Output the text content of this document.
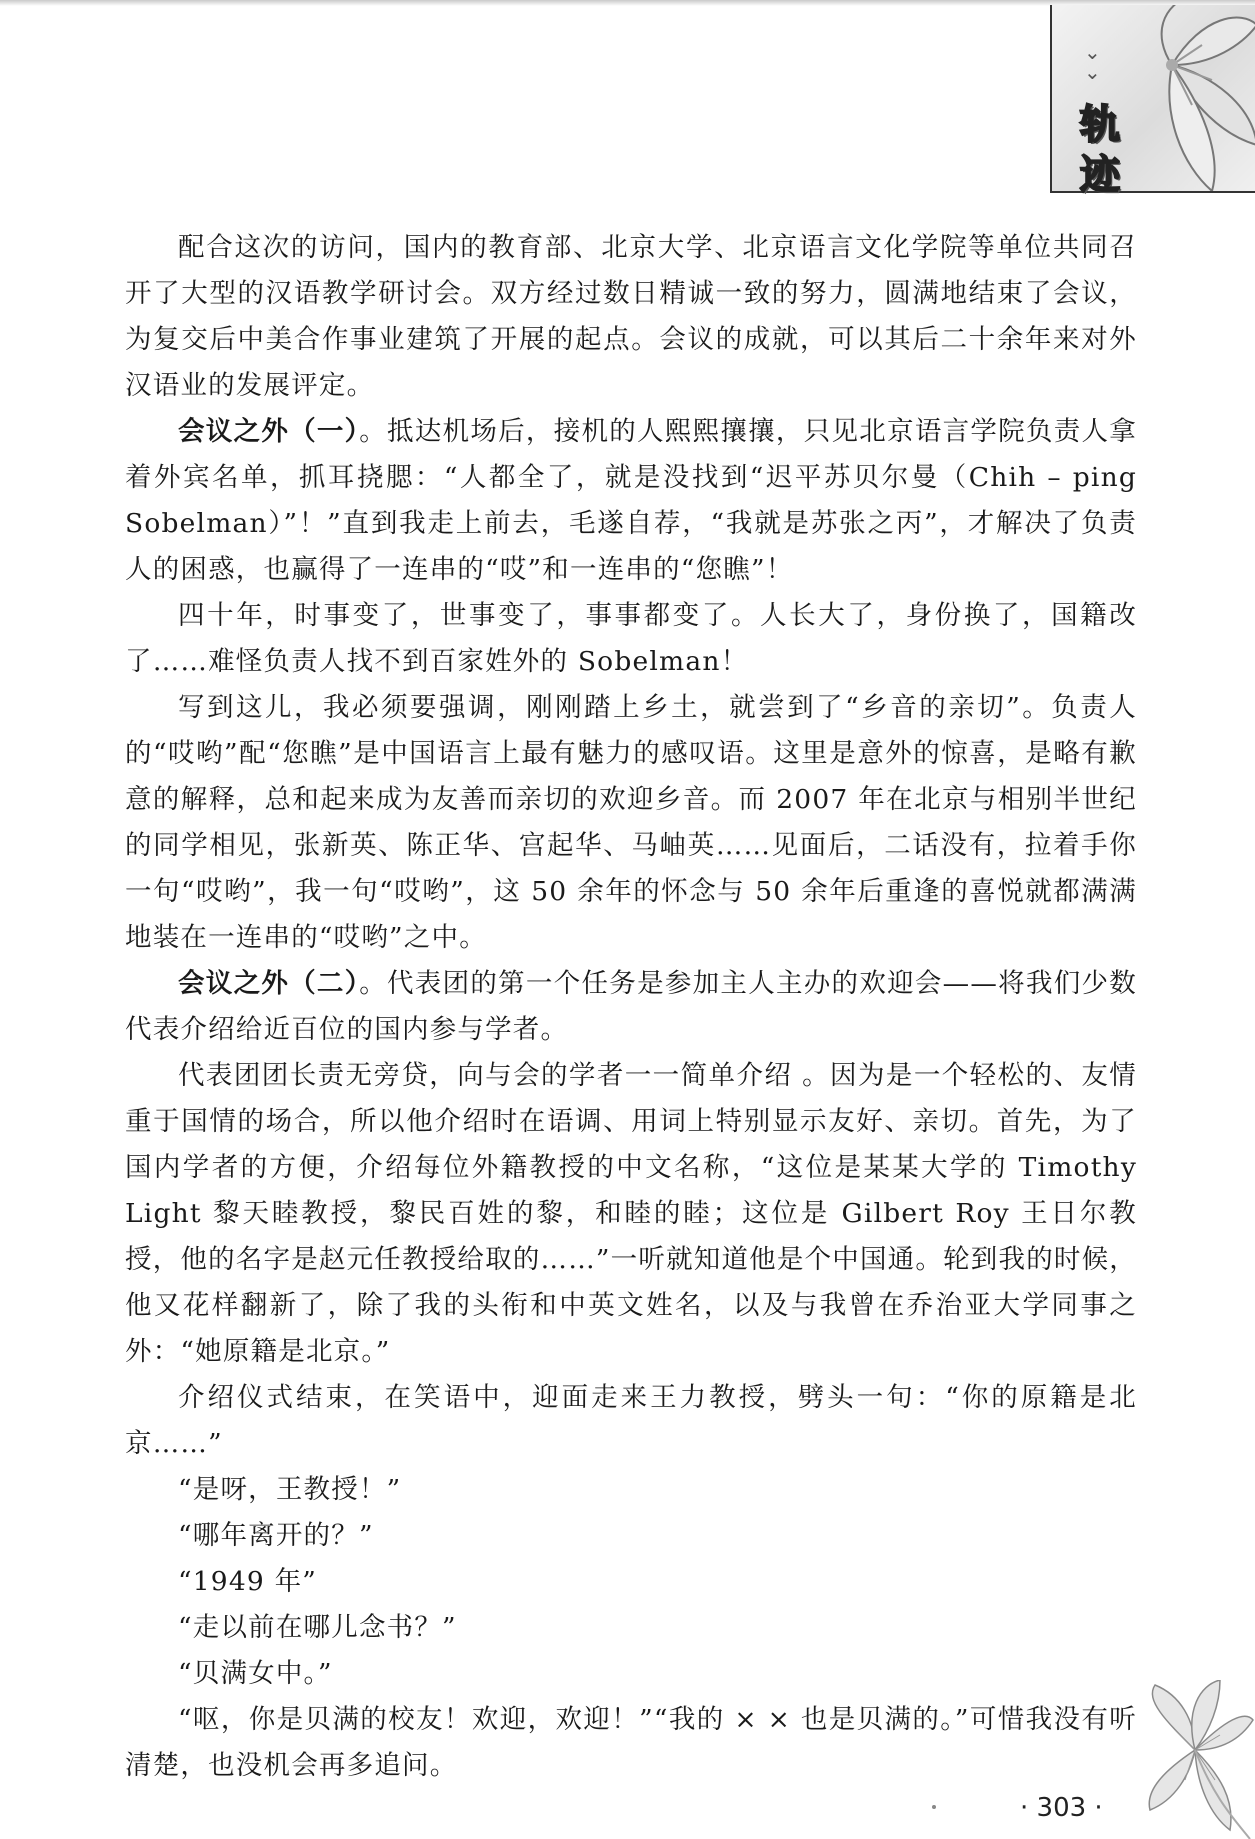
⌄
⌄
轨
迹

配合这次的访问，国内的教育部、北京大学、北京语言文化学院等单位共同召开了大型的汉语教学研讨会。双方经过数日精诚一致的努力，圆满地结束了会议，为复交后中美合作事业建筑了开展的起点。会议的成就，可以其后二十余年来对外汉语业的发展评定。

会议之外（一）。抵达机场后，接机的人熙熙攘攘，只见北京语言学院负责人拿着外宾名单，抓耳挠腮：“人都全了，就是没找到“迟平苏贝尔曼（Chih – ping Sobelman）”！”直到我走上前去，毛遂自荐，“我就是苏张之丙”，才解决了负责人的困惑，也赢得了一连串的“哎”和一连串的“您瞧”！

四十年，时事变了，世事变了，事事都变了。人长大了，身份换了，国籍改了……难怪负责人找不到百家姓外的 Sobelman！

写到这儿，我必须要强调，刚刚踏上乡土，就尝到了“乡音的亲切”。负责人的“哎哟”配“您瞧”是中国语言上最有魅力的感叹语。这里是意外的惊喜，是略有歉意的解释，总和起来成为友善而亲切的欢迎乡音。而 2007 年在北京与相别半世纪的同学相见，张新英、陈正华、宫起华、马岫英……见面后，二话没有，拉着手你一句“哎哟”，我一句“哎哟”，这 50 余年的怀念与 50 余年后重逢的喜悦就都满满地装在一连串的“哎哟”之中。

会议之外（二）。代表团的第一个任务是参加主人主办的欢迎会——将我们少数代表介绍给近百位的国内参与学者。

代表团团长责无旁贷，向与会的学者一一简单介绍 。因为是一个轻松的、友情重于国情的场合，所以他介绍时在语调、用词上特别显示友好、亲切。首先，为了国内学者的方便，介绍每位外籍教授的中文名称，“这位是某某大学的 Timothy Light 黎天睦教授，黎民百姓的黎，和睦的睦；这位是 Gilbert Roy 王日尔教授，他的名字是赵元任教授给取的……”一听就知道他是个中国通。轮到我的时候，他又花样翻新了，除了我的头衔和中英文姓名，以及与我曾在乔治亚大学同事之外：“她原籍是北京。”

介绍仪式结束，在笑语中，迎面走来王力教授，劈头一句：“你的原籍是北京……”

“是呀，王教授！”

“哪年离开的？”

“1949 年”

“走以前在哪儿念书？”

“贝满女中。”

“呕，你是贝满的校友！欢迎，欢迎！”“我的 × × 也是贝满的。”可惜我没有听清楚，也没机会再多追问。

· 303 ·
